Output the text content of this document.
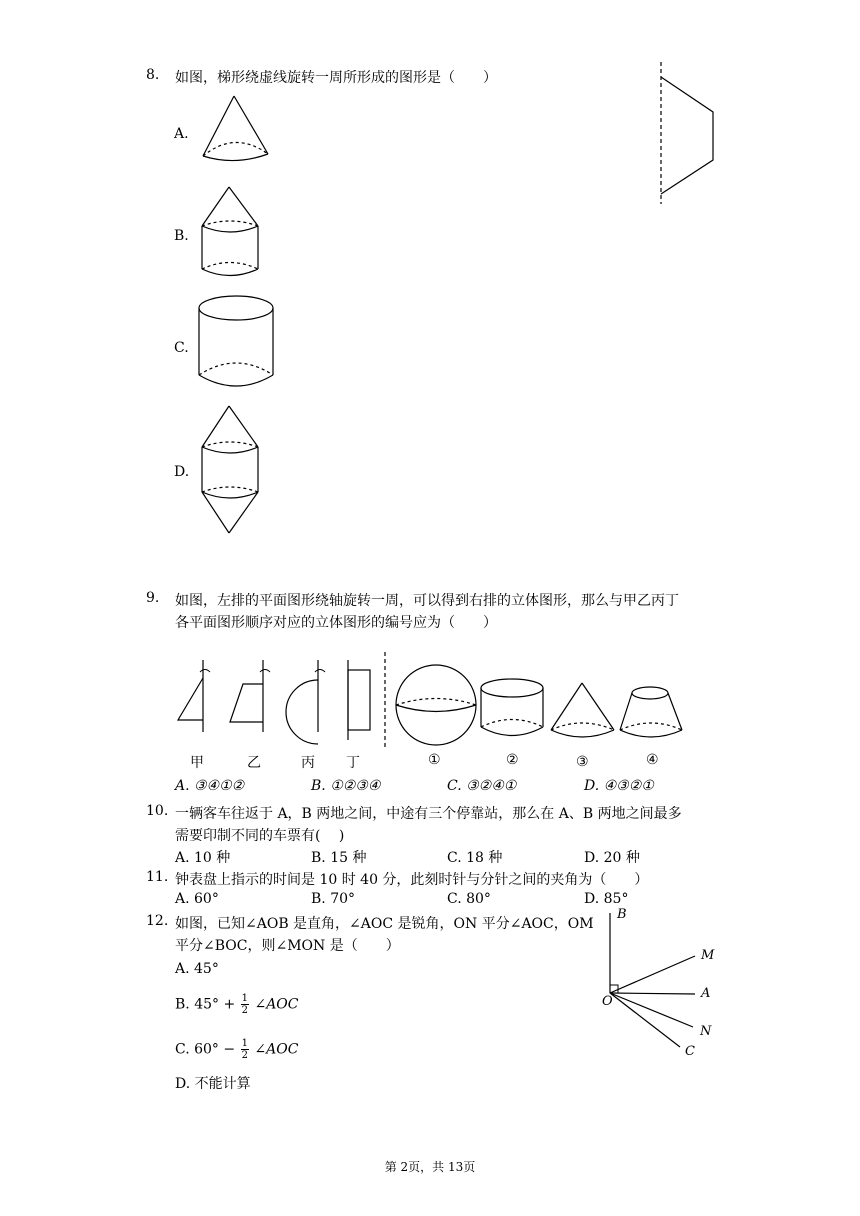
8. 如图，梯形绕虚线旋转一周所形成的图形是（　　）
A.
B.
C.
D.
9. 如图，左排的平面图形绕轴旋转一周，可以得到右排的立体图形，那么与甲乙丙丁
各平面图形顺序对应的立体图形的编号应为（　　）
甲	乙	丙 丁	①	②	③	④
A. ③④①②	B. ①②③④	C. ③②④①	D. ④③②①
10. 一辆客车往返于 A，B 两地之间，中途有三个停靠站，那么在 A、B 两地之间最多
需要印制不同的车票有(　 )
A. 10 种	B. 15 种	C. 18 种	D. 20 种
11. 钟表盘上指示的时间是 10 时 40 分，此刻时针与分针之间的夹角为（　　）
A. 60°	B. 70°	C. 80°	D. 85°
12. 如图，已知∠AOB 是直角，∠AOC 是锐角，ON 平分∠AOC，OM
平分∠BOC，则∠MON 是（　　）
A. 45°
B. $45^\circ + \frac{1}{2}$ ∠AOC
C. $60^\circ - \frac{1}{2}$ ∠AOC
D. 不能计算
B
M
A
O
N
C
第 2页，共 13页
